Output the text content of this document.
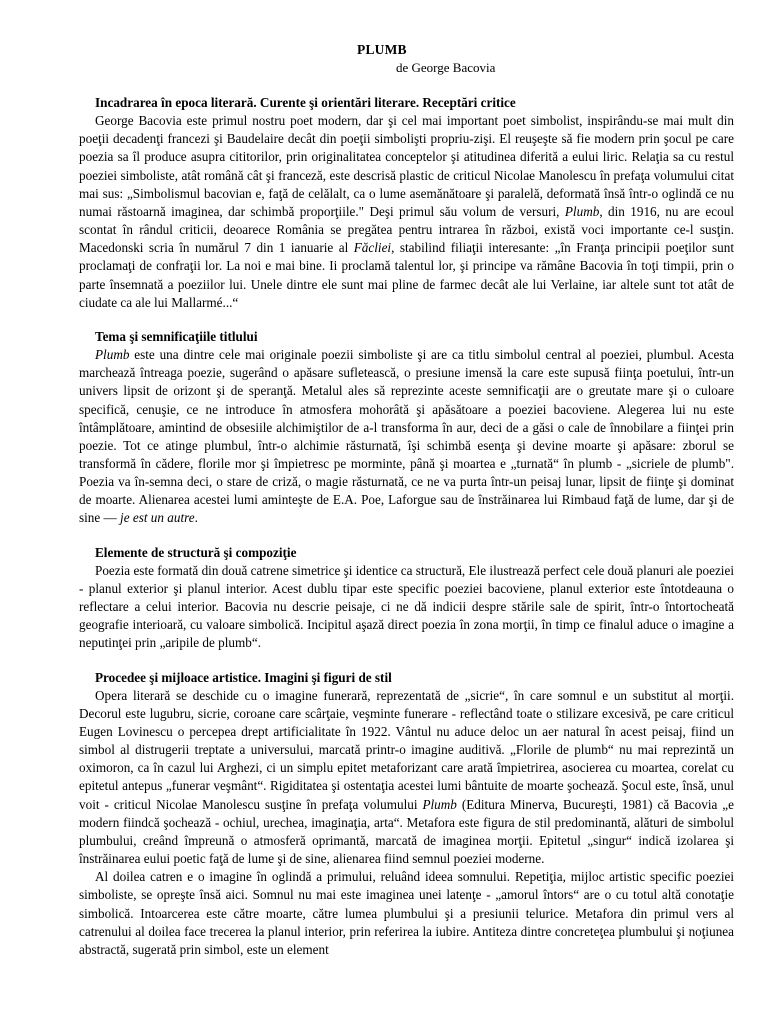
PLUMB

de George Bacovia

Incadrarea în epoca literară. Curente şi orientări literare. Receptări critice

George Bacovia este primul nostru poet modern, dar şi cel mai important poet simbolist, inspirându-se mai mult din poeţii decadenţi francezi şi Baudelaire decât din poeţii simbolişti propriu-zişi. El reuşeşte să fie modern prin şocul pe care poezia sa îl produce asupra cititorilor, prin originalitatea conceptelor şi atitudinea diferită a eului liric. Relaţia sa cu restul poeziei simboliste, atât română cât şi franceză, este descrisă plastic de criticul Nicolae Manolescu în prefaţa volumului citat mai sus: „Simbolismul bacovian e, faţă de celălalt, ca o lume asemănătoare şi paralelă, deformată însă într-o oglindă ce nu numai răstoarnă imaginea, dar schimbă proporţiile." Deşi primul său volum de versuri, Plumb, din 1916, nu are ecoul scontat în rândul criticii, deoarece România se pregătea pentru intrarea în război, există voci importante ce-l susţin. Macedonski scria în numărul 7 din 1 ianuarie al Făcliei, stabilind filiaţii interesante: „în Franţa principii poeţilor sunt proclamaţi de confraţii lor. La noi e mai bine. Ii proclamă talentul lor, şi principe va rămâne Bacovia în toţi timpii, prin o parte însemnată a poeziilor lui. Unele dintre ele sunt mai pline de farmec decât ale lui Verlaine, iar altele sunt tot atât de ciudate ca ale lui Mallarmé...“

Tema şi semnificaţiile titlului

Plumb este una dintre cele mai originale poezii simboliste şi are ca titlu simbolul central al poeziei, plumbul. Acesta marchează întreaga poezie, sugerând o apăsare sufletească, o presiune imensă la care este supusă fiinţa poetului, într-un univers lipsit de orizont şi de speranţă. Metalul ales să reprezinte aceste semnificaţii are o greutate mare şi o culoare specifică, cenuşie, ce ne introduce în atmosfera mohorâtă şi apăsătoare a poeziei bacoviene. Alegerea lui nu este întâmplătoare, amintind de obsesiile alchimiştilor de a-l transforma în aur, deci de a găsi o cale de înnobilare a fiinţei prin poezie. Tot ce atinge plumbul, într-o alchimie răsturnată, îşi schimbă esenţa şi devine moarte şi apăsare: zborul se transformă în cădere, florile mor şi împietresc pe morminte, până şi moartea e „turnată“ în plumb - „sicriele de plumb". Poezia va în-semna deci, o stare de criză, o magie răsturnată, ce ne va purta într-un peisaj lunar, lipsit de fiinţe şi dominat de moarte. Alienarea acestei lumi aminteşte de E.A. Poe, Laforgue sau de înstrăinarea lui Rimbaud faţă de lume, dar şi de sine — je est un autre.

Elemente de structură şi compoziţie

Poezia este formată din două catrene simetrice şi identice ca structură, Ele ilustrează perfect cele două planuri ale poeziei - planul exterior şi planul interior. Acest dublu tipar este specific poeziei bacoviene, planul exterior este întotdeauna o reflectare a celui interior. Bacovia nu descrie peisaje, ci ne dă indicii despre stările sale de spirit, într-o întortocheată geografie interioară, cu valoare simbolică. Incipitul aşază direct poezia în zona morţii, în timp ce finalul aduce o imagine a neputinţei prin „aripile de plumb“.

Procedee şi mijloace artistice. Imagini şi figuri de stil

Opera literară se deschide cu o imagine funerară, reprezentată de „sicrie“, în care somnul e un substitut al morţii. Decorul este lugubru, sicrie, coroane care scârţaie, veşminte funerare - reflectând toate o stilizare excesivă, pe care criticul Eugen Lovinescu o percepea drept artificialitate în 1922. Vântul nu aduce deloc un aer natural în acest peisaj, fiind un simbol al distrugerii treptate a universului, marcată printr-o imagine auditivă. „Florile de plumb“ nu mai reprezintă un oximoron, ca în cazul lui Arghezi, ci un simplu epitet metaforizant care arată împietrirea, asocierea cu moartea, corelat cu epitetul antepus „funerar veşmânt“. Rigiditatea şi ostentaţia acestei lumi bântuite de moarte şochează. Şocul este, însă, unul voit - criticul Nicolae Manolescu susţine în prefaţa volumului Plumb (Editura Minerva, Bucureşti, 1981) că Bacovia „e modern fiindcă şochează - ochiul, urechea, imaginaţia, arta“. Metafora este figura de stil predominantă, alături de simbolul plumbului, creând împreună o atmosferă oprimantă, marcată de imaginea morţii. Epitetul „singur“ indică izolarea şi înstrăinarea eului poetic faţă de lume şi de sine, alienarea fiind semnul poeziei moderne.

Al doilea catren e o imagine în oglindă a primului, reluând ideea somnului. Repetiţia, mijloc artistic specific poeziei simboliste, se opreşte însă aici. Somnul nu mai este imaginea unei latenţe - „amorul întors“ are o cu totul altă conotaţie simbolică. Intoarcerea este către moarte, către lumea plumbului şi a presiunii telurice. Metafora din primul vers al catrenului al doilea face trecerea la planul interior, prin referirea la iubire. Antiteza dintre concreteţea plumbului şi noţiunea abstractă, sugerată prin simbol, este un element
